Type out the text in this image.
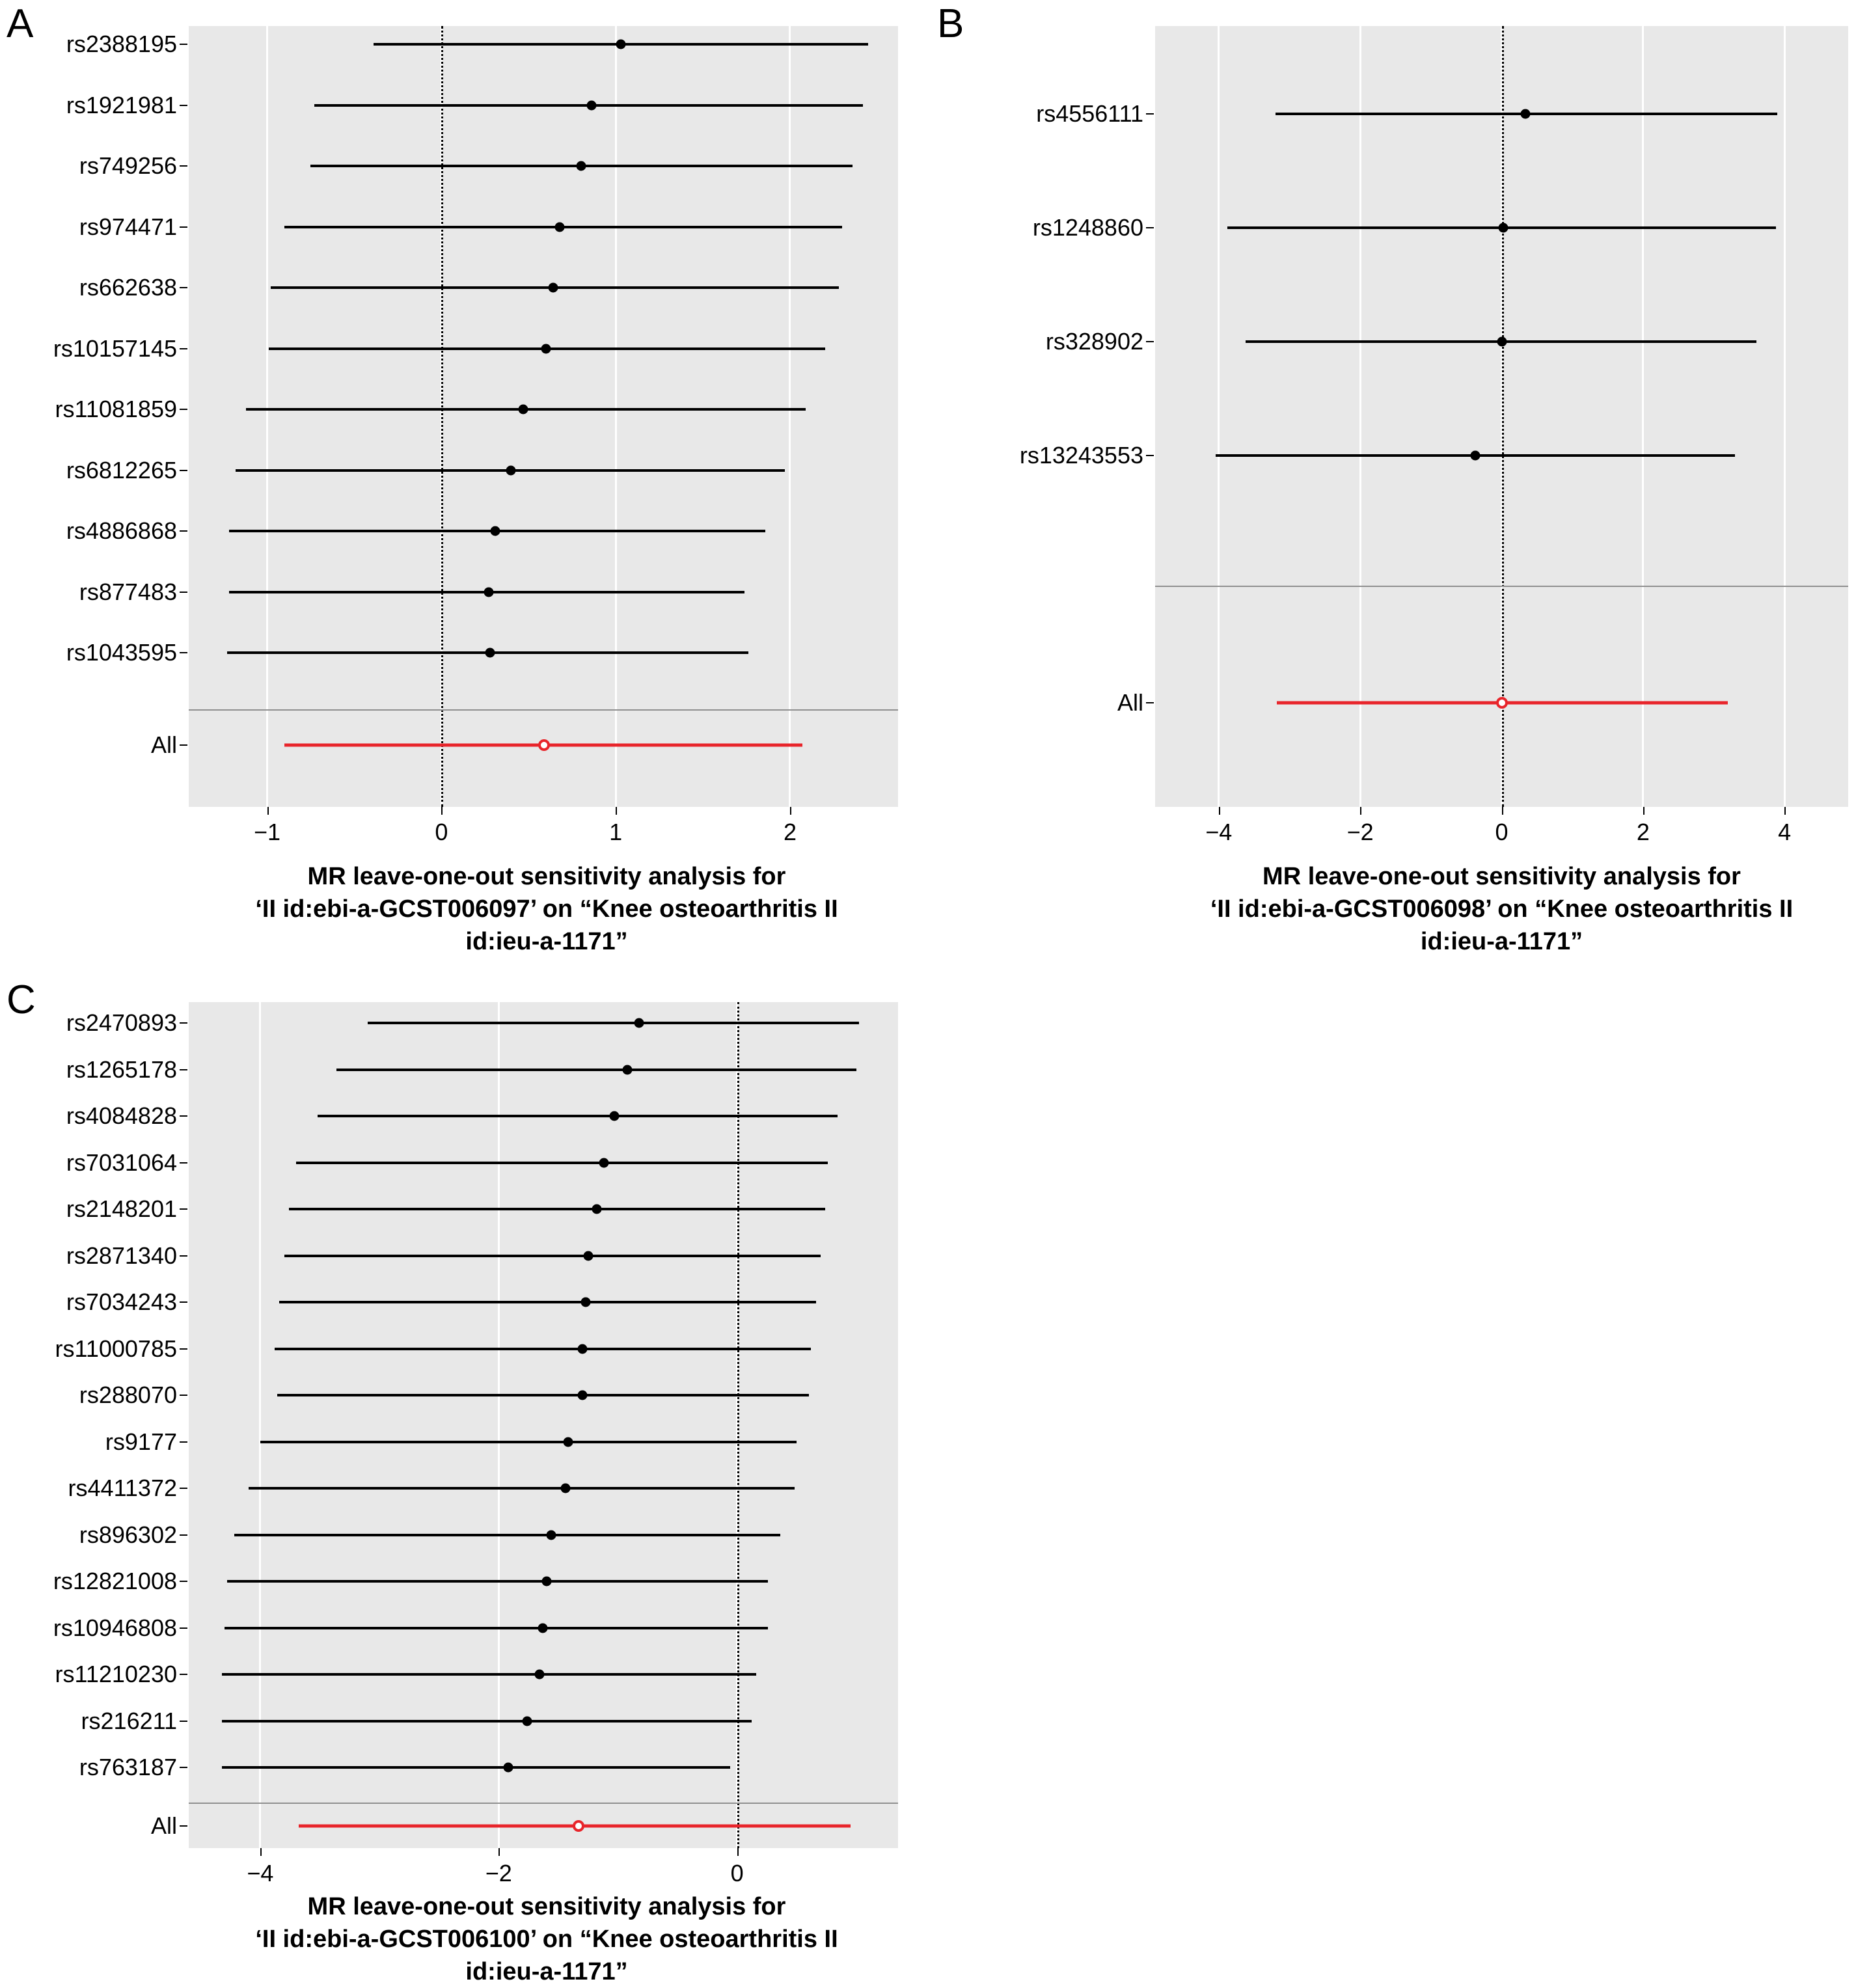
A	rs2388195
rs1921981
rs749256
rs974471
rs662638
rs10157145
rs11081859
rs6812265
rs4886868
rs877483
rs1043595
All
−1	0	1	2
MR leave-one-out sensitivity analysis for
‘II id:ebi-a-GCST006097’ on “Knee osteoarthritis II
id:ieu-a-1171”
B
rs4556111
rs1248860
rs328902
rs13243553
All
−4	−2	0	2	4
MR leave-one-out sensitivity analysis for
‘II id:ebi-a-GCST006098’ on “Knee osteoarthritis II
id:ieu-a-1171”
C
rs2470893
rs1265178
rs4084828
rs7031064
rs2148201
rs2871340
rs7034243
rs11000785
rs288070
rs9177
rs4411372
rs896302
rs12821008
rs10946808
rs11210230
rs216211
rs763187
All
−4	−2	0
MR leave-one-out sensitivity analysis for
‘II id:ebi-a-GCST006100’ on “Knee osteoarthritis II
id:ieu-a-1171”
